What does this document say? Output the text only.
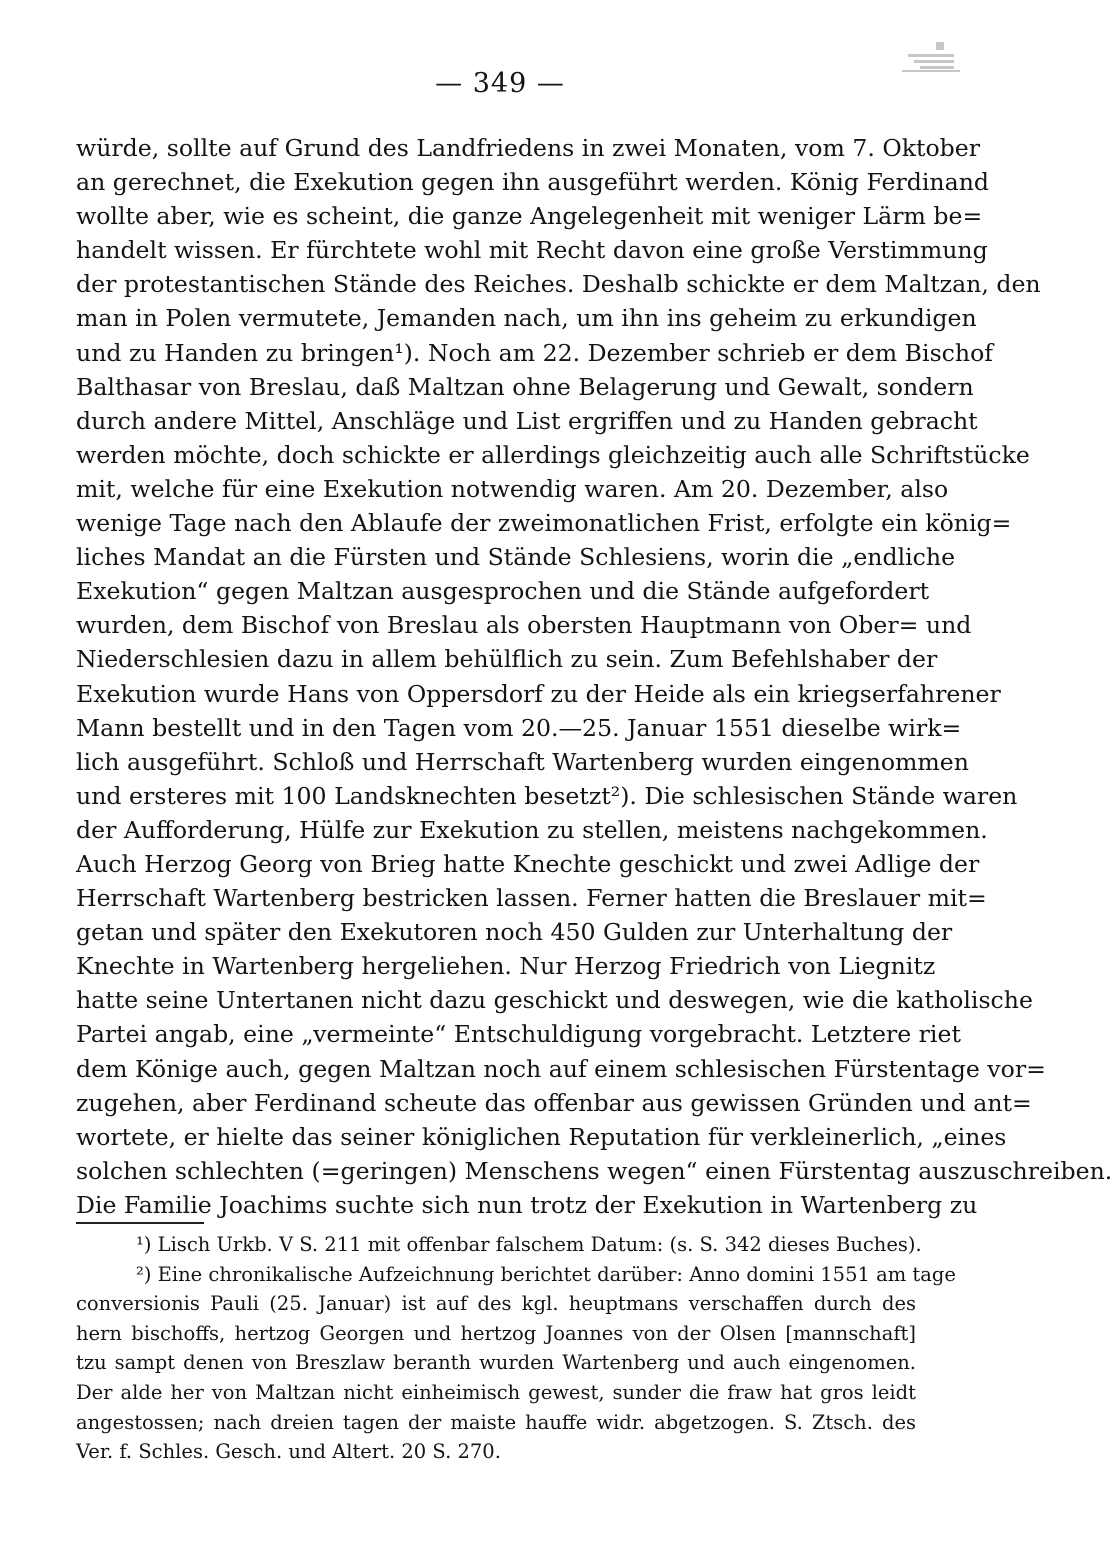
— 349 —
würde, sollte auf Grund des Landfriedens in zwei Monaten, vom 7. Oktober
an gerechnet, die Exekution gegen ihn ausgeführt werden. König Ferdinand
wollte aber, wie es scheint, die ganze Angelegenheit mit weniger Lärm be=
handelt wissen. Er fürchtete wohl mit Recht davon eine große Verstimmung
der protestantischen Stände des Reiches. Deshalb schickte er dem Maltzan, den
man in Polen vermutete, Jemanden nach, um ihn ins geheim zu erkundigen
und zu Handen zu bringen¹). Noch am 22. Dezember schrieb er dem Bischof
Balthasar von Breslau, daß Maltzan ohne Belagerung und Gewalt, sondern
durch andere Mittel, Anschläge und List ergriffen und zu Handen gebracht
werden möchte, doch schickte er allerdings gleichzeitig auch alle Schriftstücke
mit, welche für eine Exekution notwendig waren. Am 20. Dezember, also
wenige Tage nach den Ablaufe der zweimonatlichen Frist, erfolgte ein könig=
liches Mandat an die Fürsten und Stände Schlesiens, worin die „endliche
Exekution“ gegen Maltzan ausgesprochen und die Stände aufgefordert
wurden, dem Bischof von Breslau als obersten Hauptmann von Ober= und
Niederschlesien dazu in allem behülflich zu sein. Zum Befehlshaber der
Exekution wurde Hans von Oppersdorf zu der Heide als ein kriegserfahrener
Mann bestellt und in den Tagen vom 20.—25. Januar 1551 dieselbe wirk=
lich ausgeführt. Schloß und Herrschaft Wartenberg wurden eingenommen
und ersteres mit 100 Landsknechten besetzt²). Die schlesischen Stände waren
der Aufforderung, Hülfe zur Exekution zu stellen, meistens nachgekommen.
Auch Herzog Georg von Brieg hatte Knechte geschickt und zwei Adlige der
Herrschaft Wartenberg bestricken lassen. Ferner hatten die Breslauer mit=
getan und später den Exekutoren noch 450 Gulden zur Unterhaltung der
Knechte in Wartenberg hergeliehen. Nur Herzog Friedrich von Liegnitz
hatte seine Untertanen nicht dazu geschickt und deswegen, wie die katholische
Partei angab, eine „vermeinte“ Entschuldigung vorgebracht. Letztere riet
dem Könige auch, gegen Maltzan noch auf einem schlesischen Fürstentage vor=
zugehen, aber Ferdinand scheute das offenbar aus gewissen Gründen und ant=
wortete, er hielte das seiner königlichen Reputation für verkleinerlich, „eines
solchen schlechten (=geringen) Menschens wegen“ einen Fürstentag auszuschreiben.
Die Familie Joachims suchte sich nun trotz der Exekution in Wartenberg zu
¹) Lisch Urkb. V S. 211 mit offenbar falschem Datum: (s. S. 342 dieses Buches).
²) Eine chronikalische Aufzeichnung berichtet darüber: Anno domini 1551 am tage
conversionis Pauli (25. Januar) ist auf des kgl. heuptmans verschaffen durch des
hern bischoffs, hertzog Georgen und hertzog Joannes von der Olsen [mannschaft]
tzu sampt denen von Breszlaw beranth wurden Wartenberg und auch eingenomen.
Der alde her von Maltzan nicht einheimisch gewest, sunder die fraw hat gros leidt
angestossen; nach dreien tagen der maiste hauffe widr. abgetzogen. S. Ztsch. des
Ver. f. Schles. Gesch. und Altert. 20 S. 270.
